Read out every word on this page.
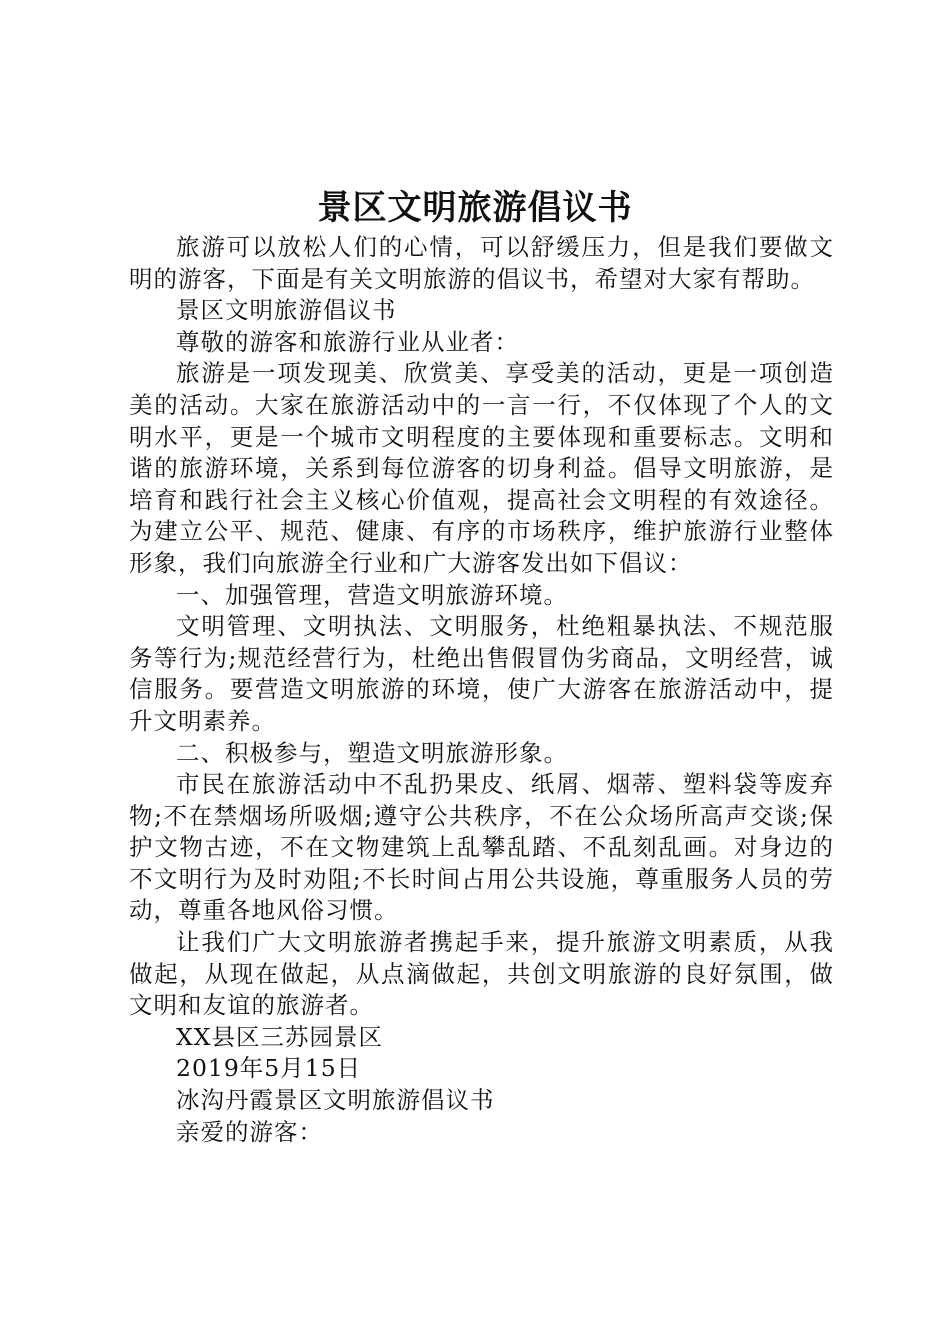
景区文明旅游倡议书

旅游可以放松人们的心情，可以舒缓压力，但是我们要做文明的游客，下面是有关文明旅游的倡议书，希望对大家有帮助。

景区文明旅游倡议书

尊敬的游客和旅游行业从业者：

旅游是一项发现美、欣赏美、享受美的活动，更是一项创造美的活动。大家在旅游活动中的一言一行，不仅体现了个人的文明水平，更是一个城市文明程度的主要体现和重要标志。文明和谐的旅游环境，关系到每位游客的切身利益。倡导文明旅游，是培育和践行社会主义核心价值观，提高社会文明程的有效途径。为建立公平、规范、健康、有序的市场秩序，维护旅游行业整体形象，我们向旅游全行业和广大游客发出如下倡议：

一、加强管理，营造文明旅游环境。

文明管理、文明执法、文明服务，杜绝粗暴执法、不规范服务等行为;规范经营行为，杜绝出售假冒伪劣商品，文明经营，诚信服务。要营造文明旅游的环境，使广大游客在旅游活动中，提升文明素养。

二、积极参与，塑造文明旅游形象。

市民在旅游活动中不乱扔果皮、纸屑、烟蒂、塑料袋等废弃物;不在禁烟场所吸烟;遵守公共秩序，不在公众场所高声交谈;保护文物古迹，不在文物建筑上乱攀乱踏、不乱刻乱画。对身边的不文明行为及时劝阻;不长时间占用公共设施，尊重服务人员的劳动，尊重各地风俗习惯。

让我们广大文明旅游者携起手来，提升旅游文明素质，从我做起，从现在做起，从点滴做起，共创文明旅游的良好氛围，做文明和友谊的旅游者。

XX县区三苏园景区

2019年5月15日

冰沟丹霞景区文明旅游倡议书

亲爱的游客：
